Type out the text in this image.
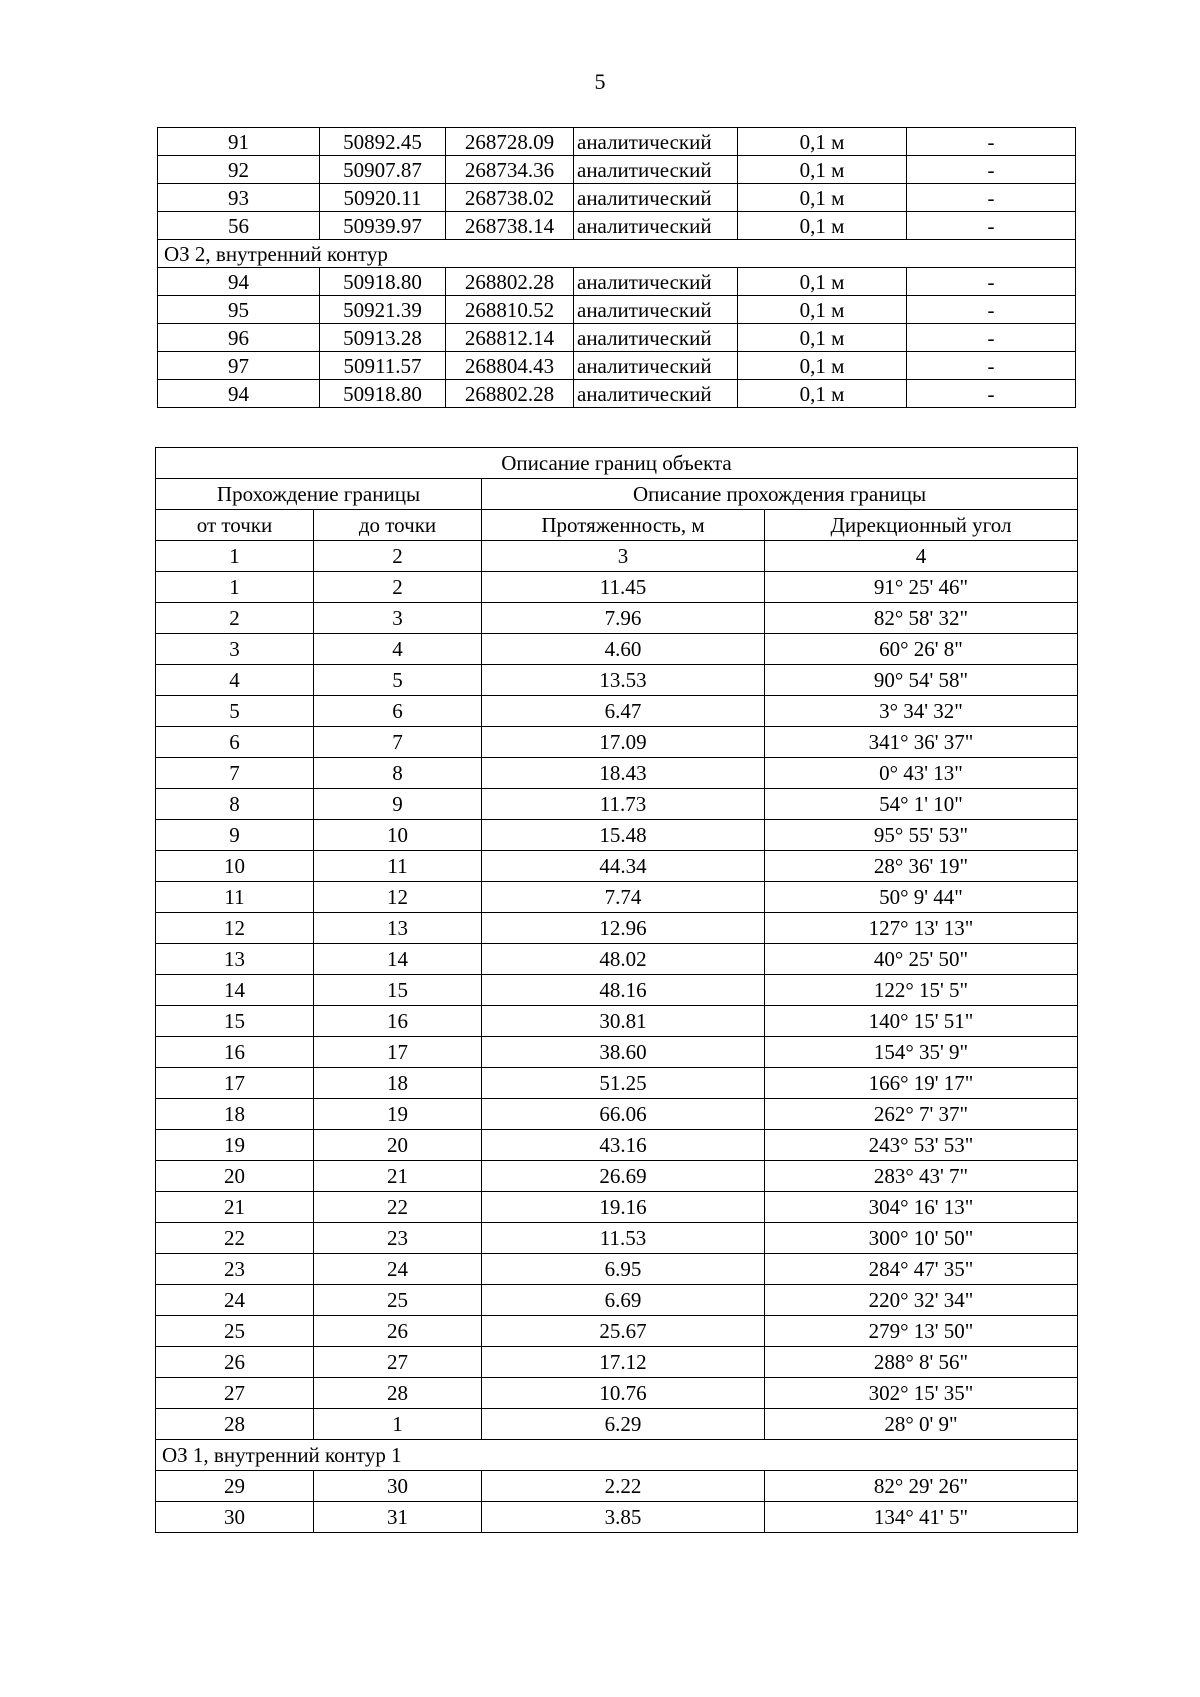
5
91	50892.45	268728.09	аналитический	0,1 м	-
92	50907.87	268734.36	аналитический	0,1 м	-
93	50920.11	268738.02	аналитический	0,1 м	-
56	50939.97	268738.14	аналитический	0,1 м	-
ОЗ 2, внутренний контур					
94	50918.80	268802.28	аналитический	0,1 м	-
95	50921.39	268810.52	аналитический	0,1 м	-
96	50913.28	268812.14	аналитический	0,1 м	-
97	50911.57	268804.43	аналитический	0,1 м	-
94	50918.80	268802.28	аналитический	0,1 м	-
Описание границ объекта			
Прохождение границы		Описание прохождения границы	
от точки	до точки	Протяженность, м	Дирекционный угол
1	2	3	4
1	2	11.45	91° 25' 46"
2	3	7.96	82° 58' 32"
3	4	4.60	60° 26' 8"
4	5	13.53	90° 54' 58"
5	6	6.47	3° 34' 32"
6	7	17.09	341° 36' 37"
7	8	18.43	0° 43' 13"
8	9	11.73	54° 1' 10"
9	10	15.48	95° 55' 53"
10	11	44.34	28° 36' 19"
11	12	7.74	50° 9' 44"
12	13	12.96	127° 13' 13"
13	14	48.02	40° 25' 50"
14	15	48.16	122° 15' 5"
15	16	30.81	140° 15' 51"
16	17	38.60	154° 35' 9"
17	18	51.25	166° 19' 17"
18	19	66.06	262° 7' 37"
19	20	43.16	243° 53' 53"
20	21	26.69	283° 43' 7"
21	22	19.16	304° 16' 13"
22	23	11.53	300° 10' 50"
23	24	6.95	284° 47' 35"
24	25	6.69	220° 32' 34"
25	26	25.67	279° 13' 50"
26	27	17.12	288° 8' 56"
27	28	10.76	302° 15' 35"
28	1	6.29	28° 0' 9"
ОЗ 1, внутренний контур 1			
29	30	2.22	82° 29' 26"
30	31	3.85	134° 41' 5"
